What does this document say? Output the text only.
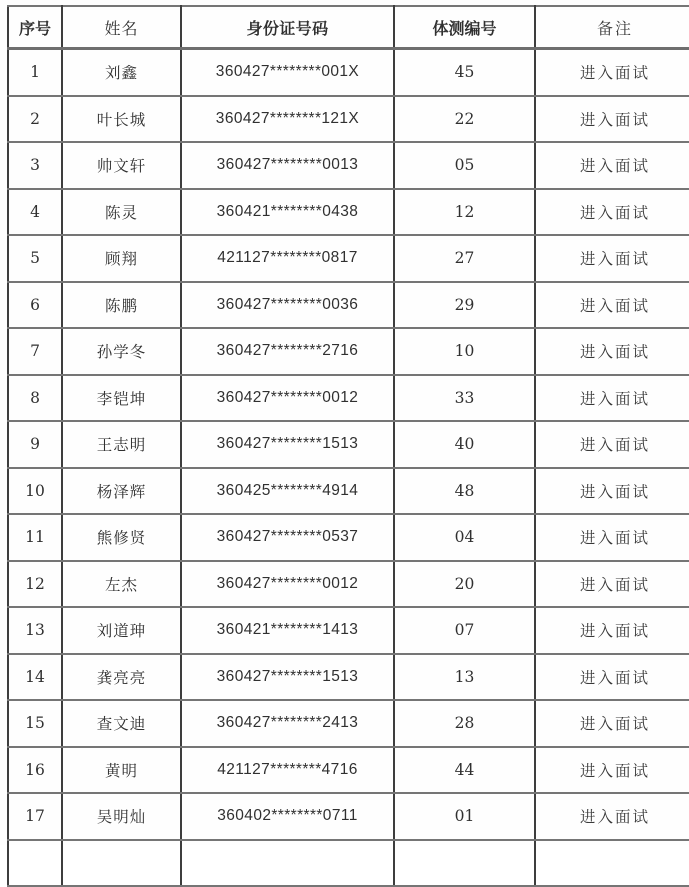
序号	姓名	身份证号码	体测编号	备注
1	刘鑫	360427********001X	45	进入面试
2	叶长城	360427********121X	22	进入面试
3	帅文轩	360427********0013	05	进入面试
4	陈灵	360421********0438	12	进入面试
5	顾翔	421127********0817	27	进入面试
6	陈鹏	360427********0036	29	进入面试
7	孙学冬	360427********2716	10	进入面试
8	李铠坤	360427********0012	33	进入面试
9	王志明	360427********1513	40	进入面试
10	杨泽辉	360425********4914	48	进入面试
11	熊修贤	360427********0537	04	进入面试
12	左杰	360427********0012	20	进入面试
13	刘道珅	360421********1413	07	进入面试
14	龚亮亮	360427********1513	13	进入面试
15	查文迪	360427********2413	28	进入面试
16	黄明	421127********4716	44	进入面试
17	吴明灿	360402********0711	01	进入面试
